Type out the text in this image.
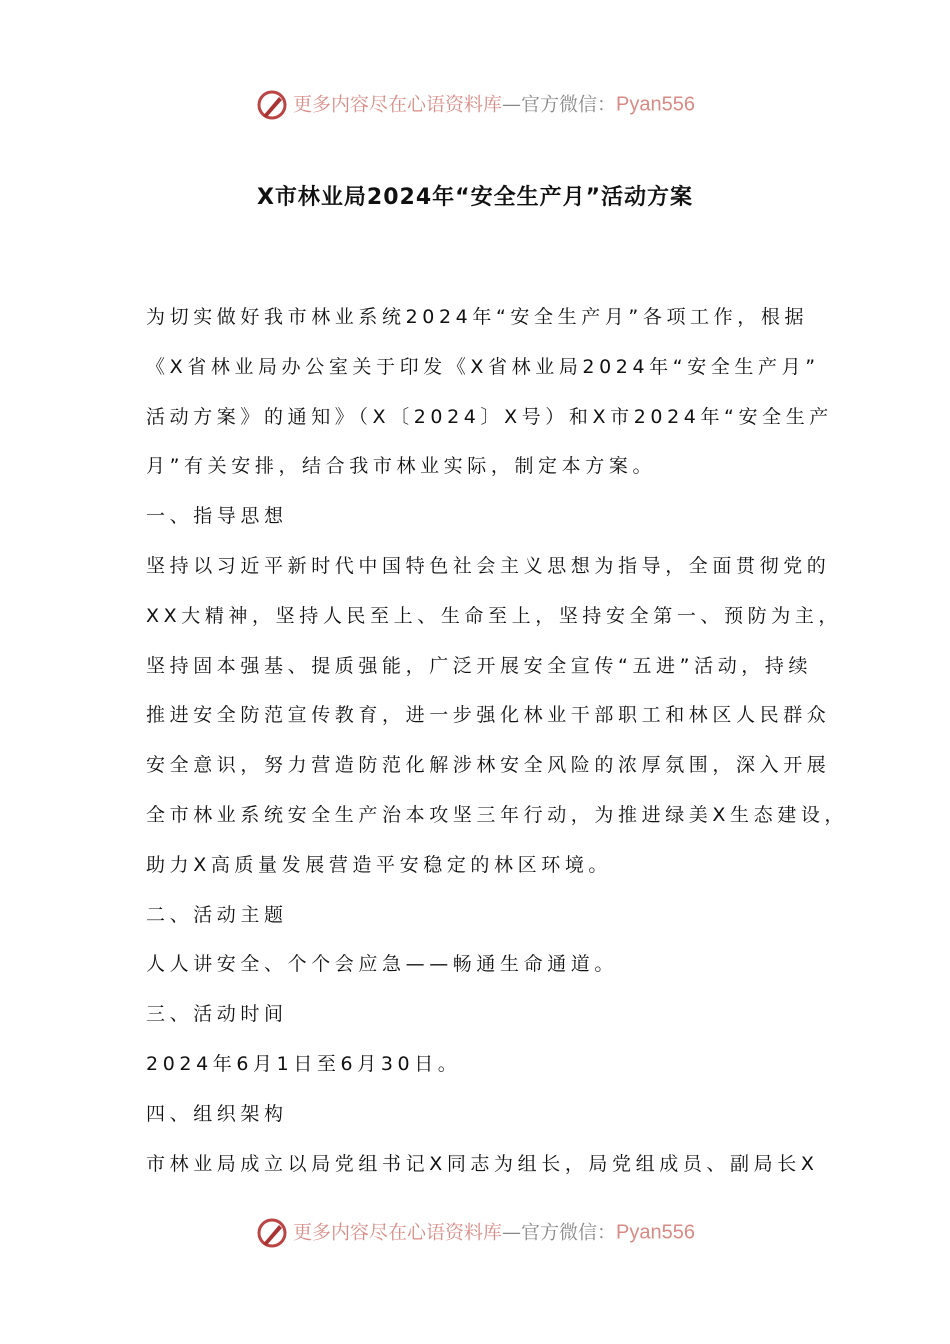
更多内容尽在心语资料库—官方微信：Pyan556
X市林业局2024年“安全生产月”活动方案
为切实做好我市林业系统2024年“安全生产月”各项工作，根据
《X省林业局办公室关于印发《X省林业局2024年“安全生产月”
活动方案》的通知》（X〔2024〕X号）和X市2024年“安全生产
月”有关安排，结合我市林业实际，制定本方案。
一、指导思想
坚持以习近平新时代中国特色社会主义思想为指导，全面贯彻党的
XX大精神，坚持人民至上、生命至上，坚持安全第一、预防为主，
坚持固本强基、提质强能，广泛开展安全宣传“五进”活动，持续
推进安全防范宣传教育，进一步强化林业干部职工和林区人民群众
安全意识，努力营造防范化解涉林安全风险的浓厚氛围，深入开展
全市林业系统安全生产治本攻坚三年行动，为推进绿美X生态建设，
助力X高质量发展营造平安稳定的林区环境。
二、活动主题
人人讲安全、个个会应急——畅通生命通道。
三、活动时间
2024年6月1日至6月30日。
四、组织架构
市林业局成立以局党组书记X同志为组长，局党组成员、副局长X
更多内容尽在心语资料库—官方微信：Pyan556
